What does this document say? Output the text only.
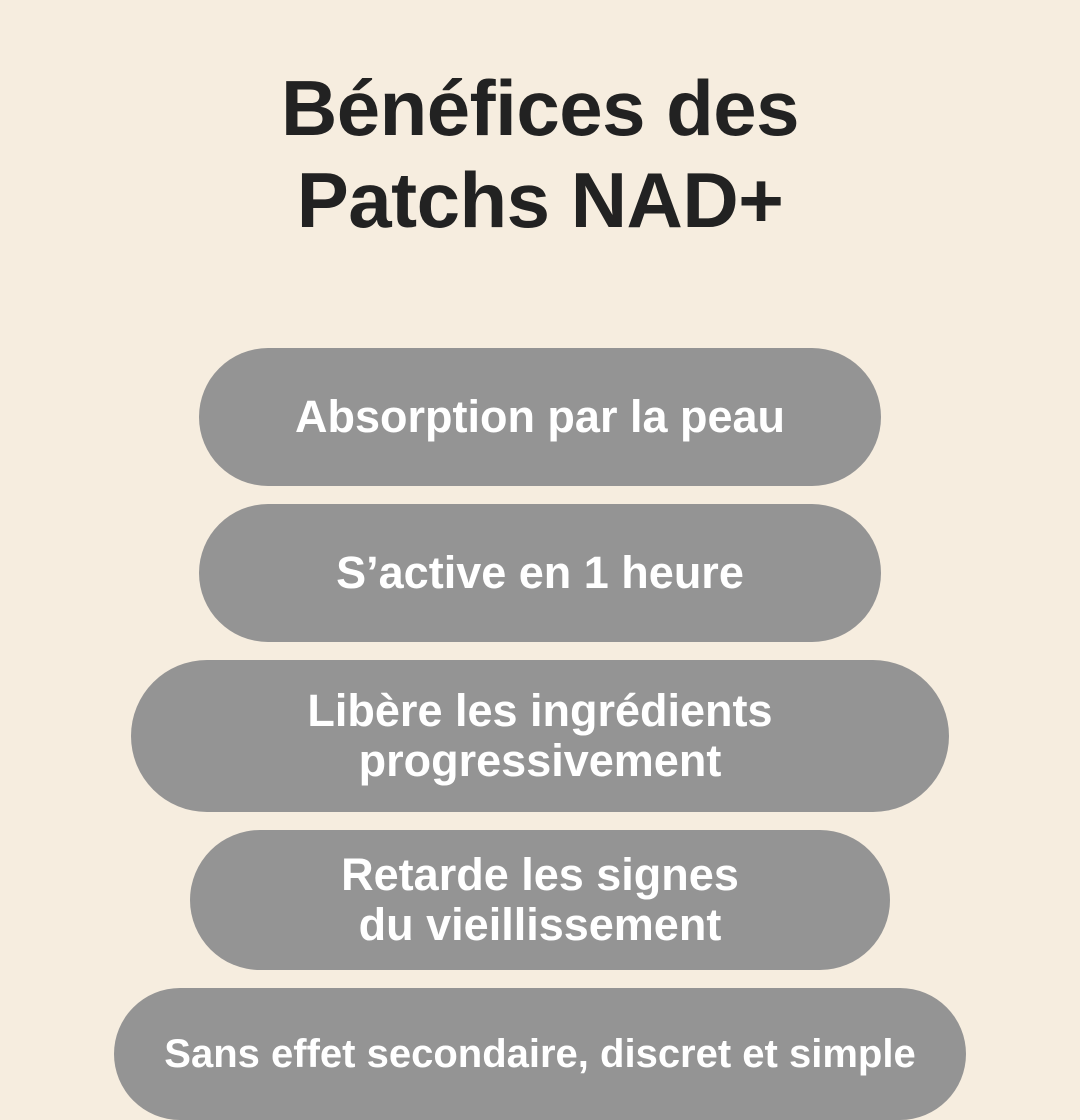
Bénéfices des
Patchs NAD+
Absorption par la peau
S’active en 1 heure
Libère les ingrédients
progressivement
Retarde les signes
du vieillissement
Sans effet secondaire, discret et simple
